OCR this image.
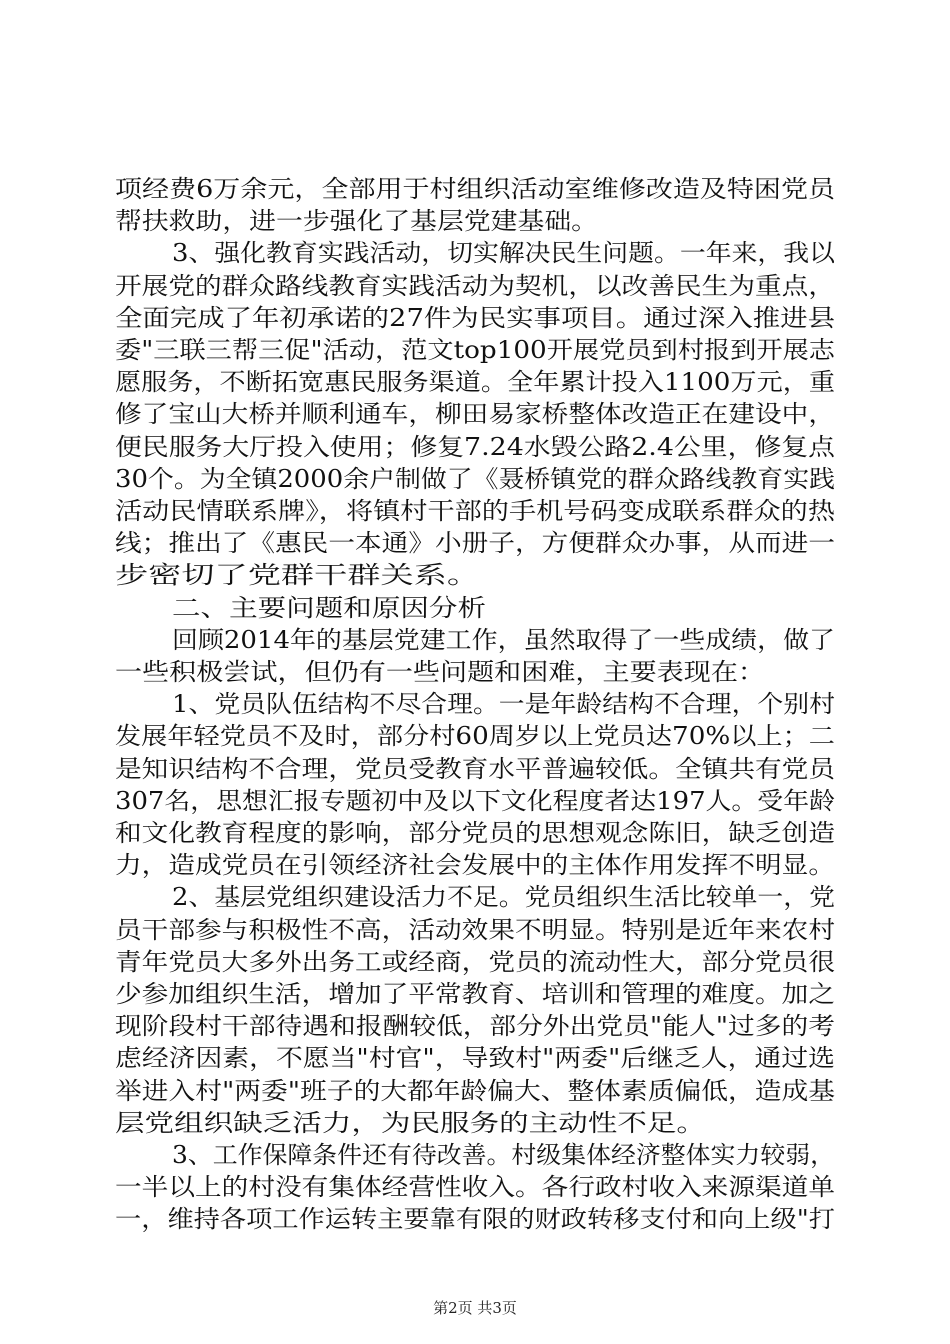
项经费6万余元，全部用于村组织活动室维修改造及特困党员
帮扶救助，进一步强化了基层党建基础。
3、强化教育实践活动，切实解决民生问题。一年来，我以
开展党的群众路线教育实践活动为契机，以改善民生为重点，
全面完成了年初承诺的27件为民实事项目。通过深入推进县
委"三联三帮三促"活动，范文top100开展党员到村报到开展志
愿服务，不断拓宽惠民服务渠道。全年累计投入1100万元，重
修了宝山大桥并顺利通车，柳田易家桥整体改造正在建设中，
便民服务大厅投入使用；修复7.24水毁公路2.4公里，修复点
30个。为全镇2000余户制做了《聂桥镇党的群众路线教育实践
活动民情联系牌》，将镇村干部的手机号码变成联系群众的热
线；推出了《惠民一本通》小册子，方便群众办事，从而进一
步密切了党群干群关系。
二、主要问题和原因分析
回顾2014年的基层党建工作，虽然取得了一些成绩，做了
一些积极尝试，但仍有一些问题和困难，主要表现在：
1、党员队伍结构不尽合理。一是年龄结构不合理，个别村
发展年轻党员不及时，部分村60周岁以上党员达70%以上；二
是知识结构不合理，党员受教育水平普遍较低。全镇共有党员
307名，思想汇报专题初中及以下文化程度者达197人。受年龄
和文化教育程度的影响，部分党员的思想观念陈旧，缺乏创造
力，造成党员在引领经济社会发展中的主体作用发挥不明显。
2、基层党组织建设活力不足。党员组织生活比较单一，党
员干部参与积极性不高，活动效果不明显。特别是近年来农村
青年党员大多外出务工或经商，党员的流动性大，部分党员很
少参加组织生活，增加了平常教育、培训和管理的难度。加之
现阶段村干部待遇和报酬较低，部分外出党员"能人"过多的考
虑经济因素，不愿当"村官"，导致村"两委"后继乏人，通过选
举进入村"两委"班子的大都年龄偏大、整体素质偏低，造成基
层党组织缺乏活力，为民服务的主动性不足。
3、工作保障条件还有待改善。村级集体经济整体实力较弱，
一半以上的村没有集体经营性收入。各行政村收入来源渠道单
一，维持各项工作运转主要靠有限的财政转移支付和向上级"打
第2页 共3页
